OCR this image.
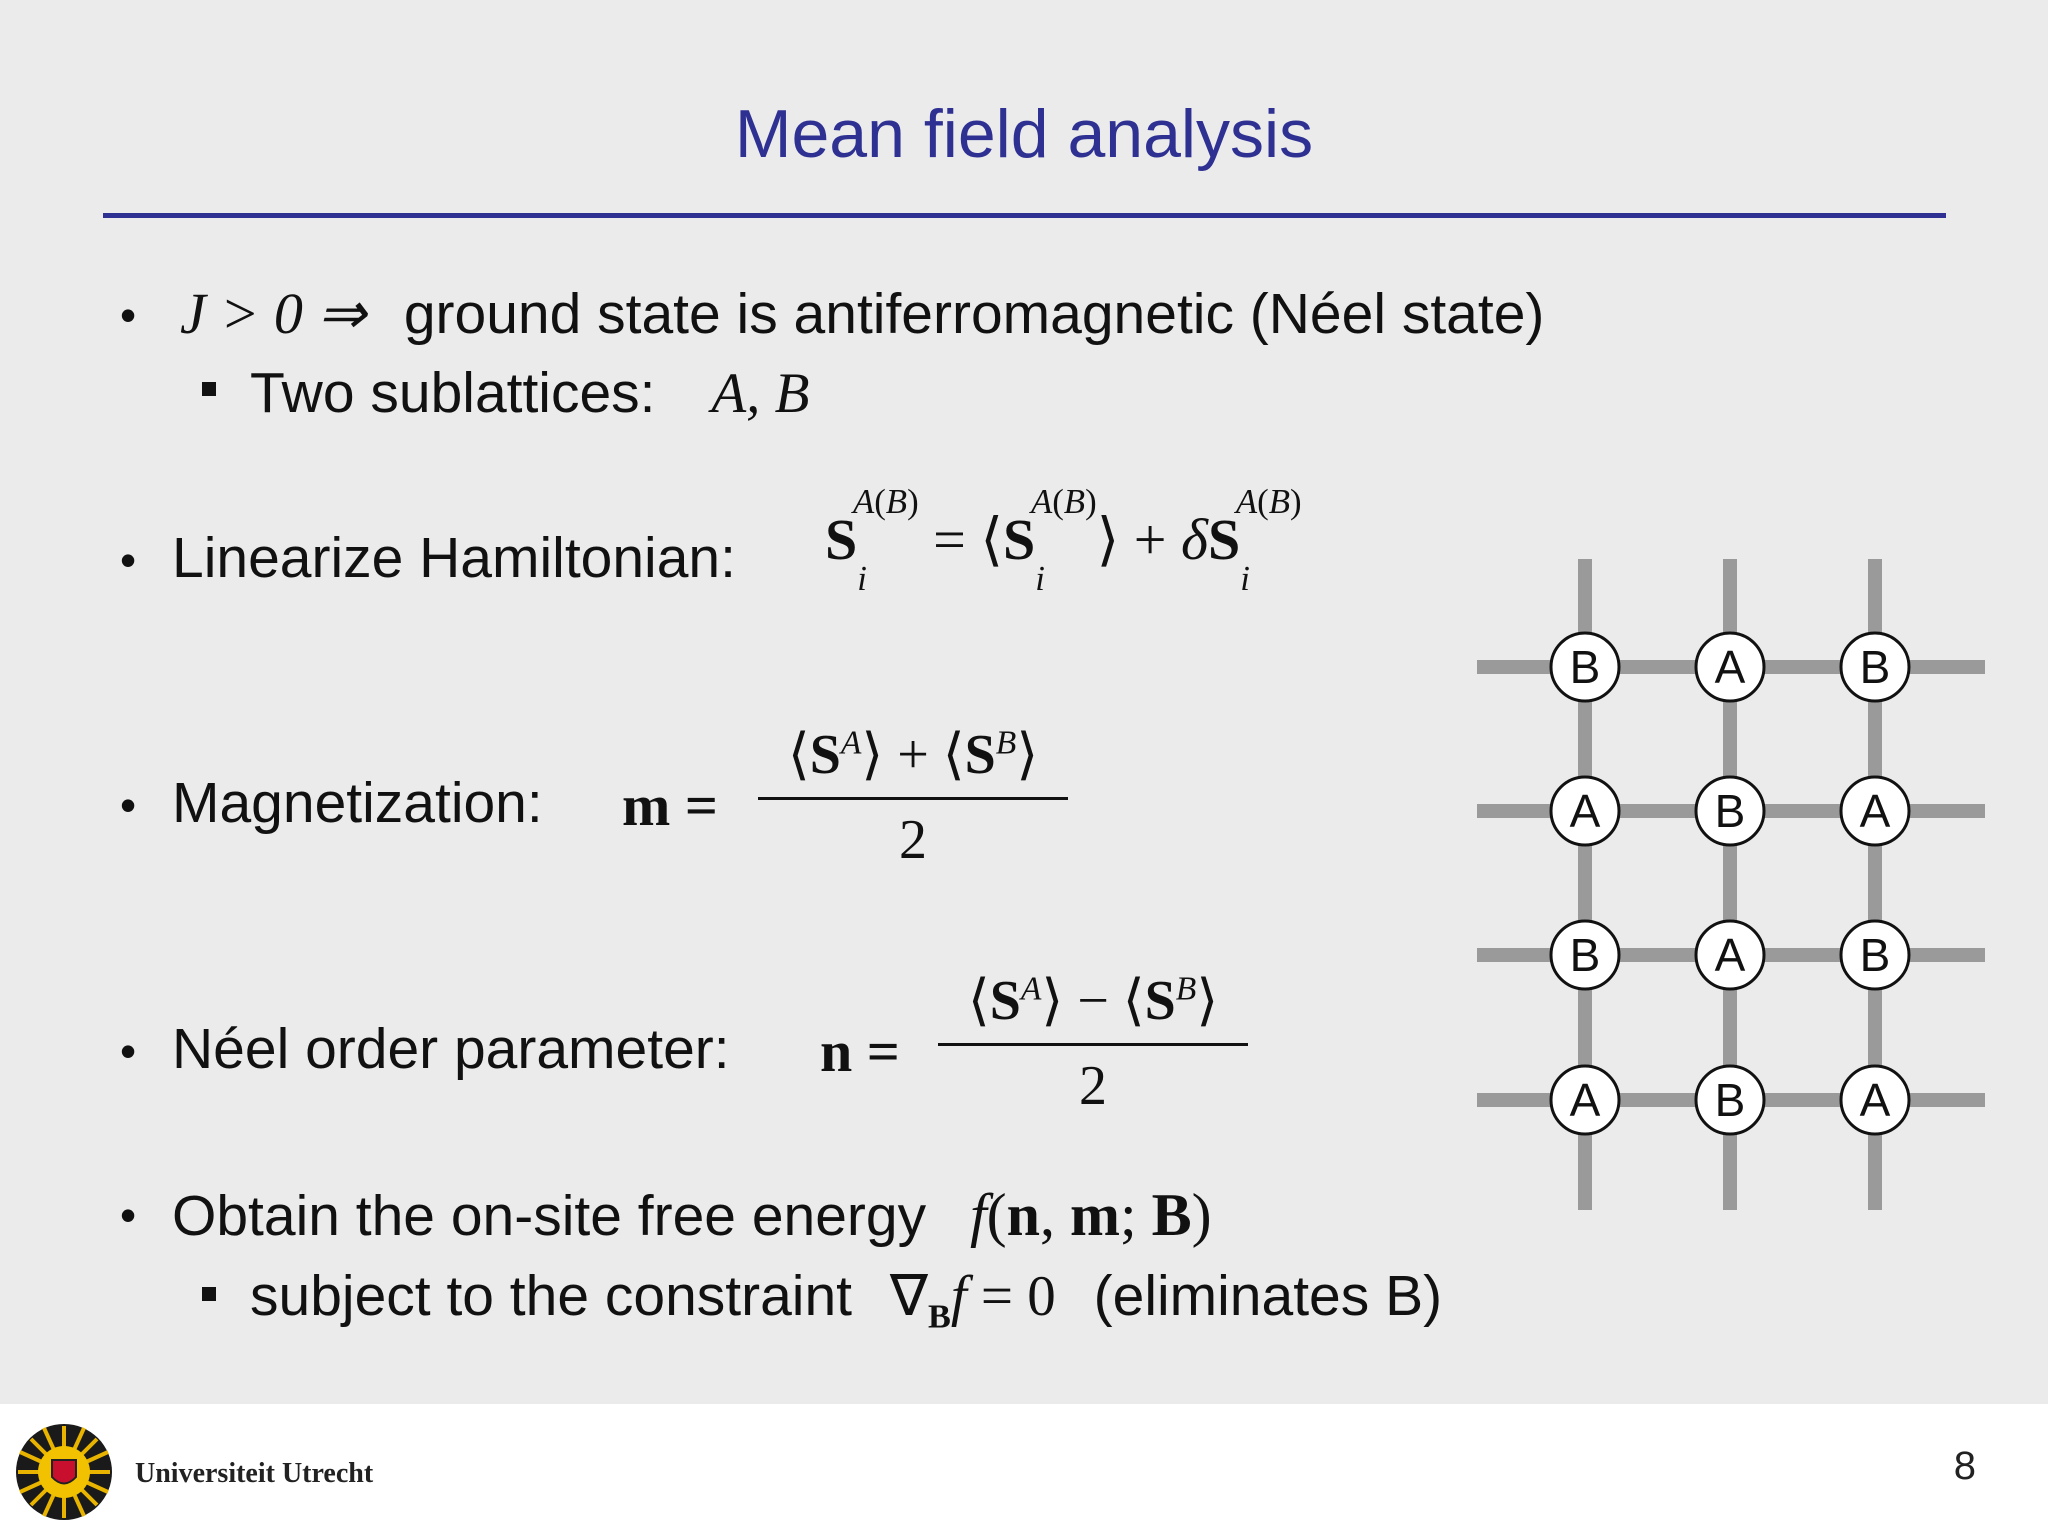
Mean field analysis
• J > 0 ⇒ ground state is antiferromagnetic (Néel state)
Two sublattices: A, B
• Linearize Hamiltonian: $S_i^{A(B)}$ = $⟨S_i^{A(B)}⟩ + \delta S_i^{A(B)}$
• Magnetization: m =
$⟨S^A⟩$ + $⟨S^B⟩$
2
• Néel order parameter: n =
$⟨S^A⟩$ − $⟨S^B⟩$
2
• Obtain the on-site free energy f(n, m; B)
subject to the constraint $\nabla_Bf = 0$ (eliminates B)
B A B
A B A
B A B
A B A
Universiteit Utrecht	8
